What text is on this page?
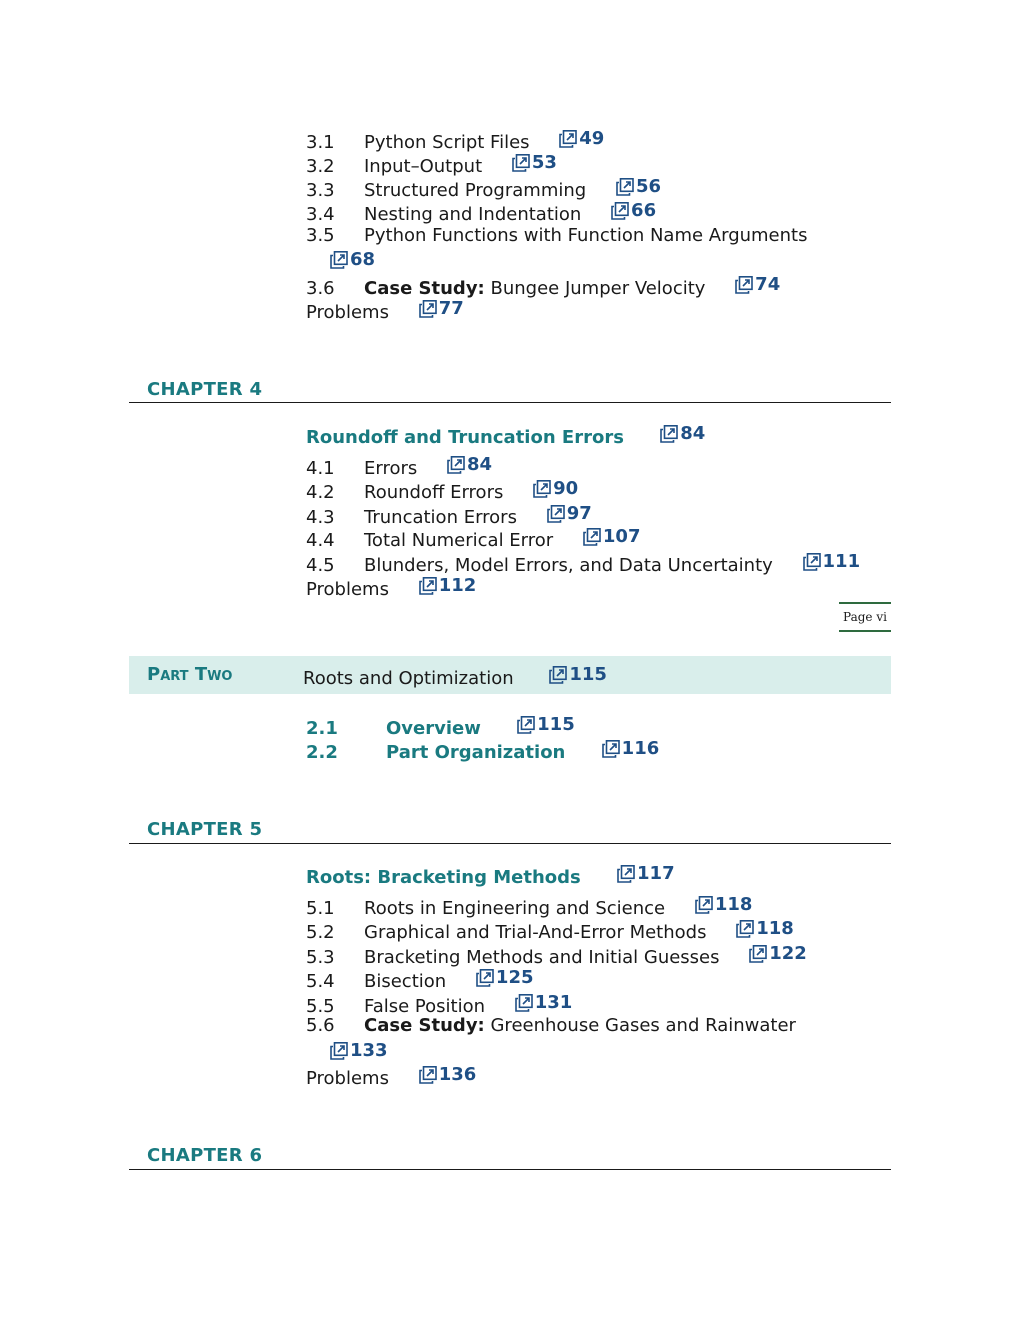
3.1 Python Script Files	49
3.2 Input–Output	53
3.3 Structured Programming	56
3.4 Nesting and Indentation	66
3.5 Python Functions with Function Name Arguments
68
3.6 Case Study: Bungee Jumper Velocity	74
Problems	77
CHAPTER 4
Roundoff and Truncation Errors	84
4.1 Errors	84
4.2 Roundoff Errors	90
4.3 Truncation Errors	97
4.4 Total Numerical Error	107
4.5 Blunders, Model Errors, and Data Uncertainty	111
Problems	112
Page vi
Part Two	Roots and Optimization	115
2.1	Overview	115
2.2	Part Organization	116
CHAPTER 5
Roots: Bracketing Methods	117
5.1 Roots in Engineering and Science	118
5.2 Graphical and Trial-And-Error Methods	118
5.3 Bracketing Methods and Initial Guesses	122
5.4 Bisection	125
5.5 False Position	131
5.6 Case Study: Greenhouse Gases and Rainwater
133
Problems	136
CHAPTER 6
